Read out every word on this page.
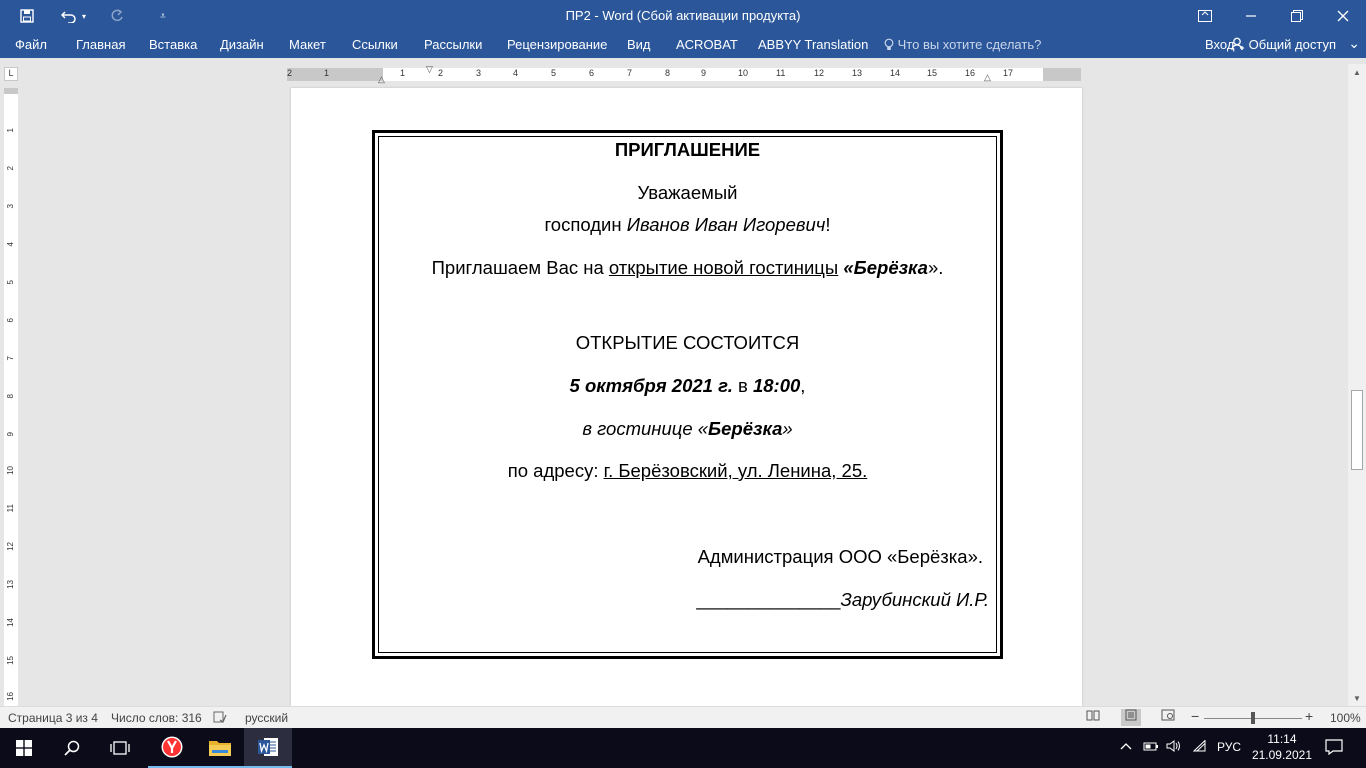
▾	⩡	ПР2 - Word (Сбой активации продукта)
Файл Главная Вставка Дизайн Макет Ссылки Рассылки Рецензирование Вид ACROBAT ABBYY Translation	Что вы хотите сделать?	Вход	Общий доступ ⌄
L	2	1	1	2	3	4	5	6	7	8	9	10	11	12	13	14	15	16	17
▽
△	△
1
2
3
4
5
6
7
8
9
10
11
12
13
14
15
16
ПРИГЛАШЕНИЕ
Уважаемый
господин Иванов Иван Игоревич!
Приглашаем Вас на открытие новой гостиницы «Берёзка».
ОТКРЫТИЕ СОСТОИТСЯ
5 октября 2021 г. в 18:00,
в гостинице «Берёзка»
по адресу: г. Берёзовский, ул. Ленина, 25.
Администрация ООО «Берёзка».
______________Зарубинский И.Р.
▲
▼
Страница 3 из 4 Число слов: 316	русский	−	+ 100%
РУС
11:14
21.09.2021
